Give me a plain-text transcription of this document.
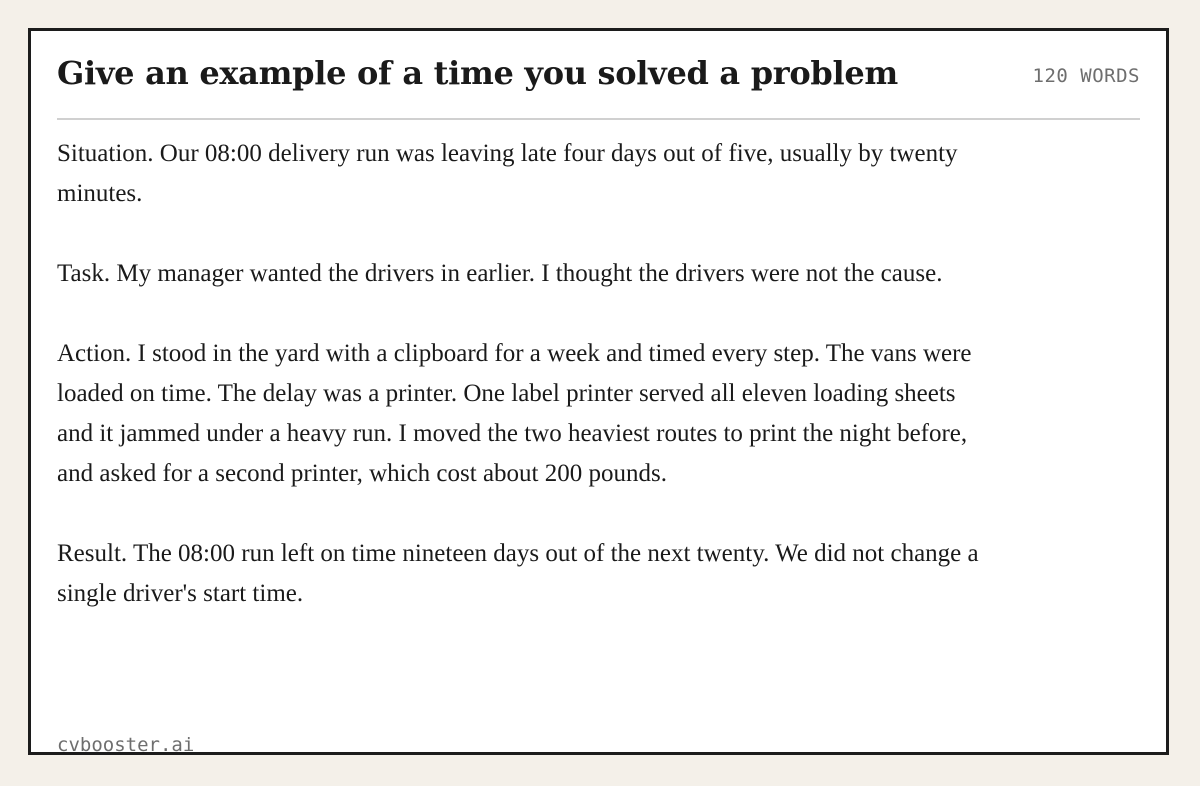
Give an example of a time you solved a problem	120 WORDS

Situation. Our 08:00 delivery run was leaving late four days out of five, usually by twenty minutes.

Task. My manager wanted the drivers in earlier. I thought the drivers were not the cause.

Action. I stood in the yard with a clipboard for a week and timed every step. The vans were loaded on time. The delay was a printer. One label printer served all eleven loading sheets and it jammed under a heavy run. I moved the two heaviest routes to print the night before, and asked for a second printer, which cost about 200 pounds.

Result. The 08:00 run left on time nineteen days out of the next twenty. We did not change a single driver's start time.

cvbooster.ai
